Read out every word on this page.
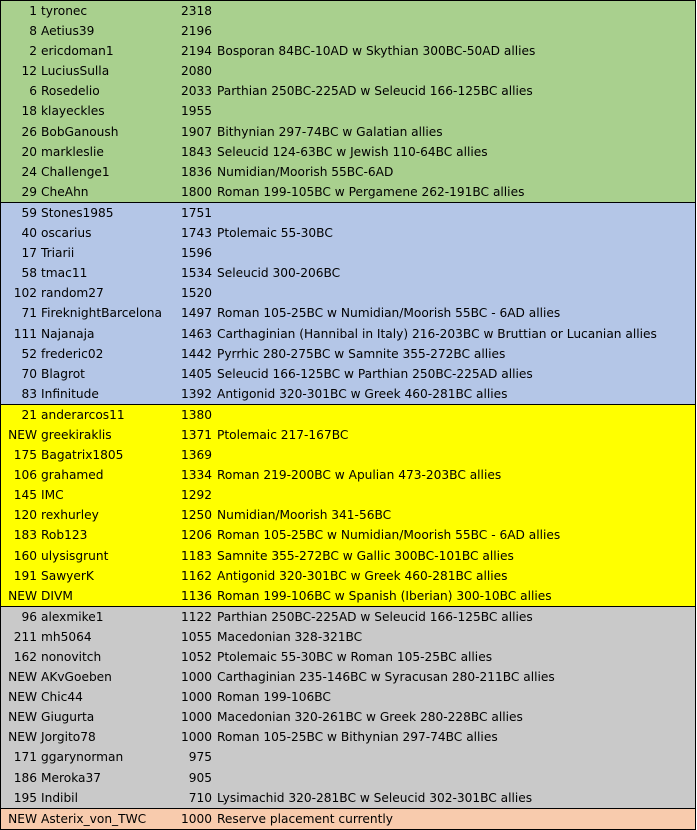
1 tyronec	2318
8 Aetius39	2196
2 ericdoman1	2194 Bosporan 84BC-10AD w Skythian 300BC-50AD allies
12 LuciusSulla	2080
6 Rosedelio	2033 Parthian 250BC-225AD w Seleucid 166-125BC allies
18 klayeckles	1955
26 BobGanoush	1907 Bithynian 297-74BC w Galatian allies
20 markleslie	1843 Seleucid 124-63BC w Jewish 110-64BC allies
24 Challenge1	1836 Numidian/Moorish 55BC-6AD
29 CheAhn	1800 Roman 199-105BC w Pergamene 262-191BC allies
59 Stones1985	1751
40 oscarius	1743 Ptolemaic 55-30BC
17 Triarii	1596
58 tmac11	1534 Seleucid 300-206BC
102 random27	1520
71 FireknightBarcelona	1497 Roman 105-25BC w Numidian/Moorish 55BC - 6AD allies
111 Najanaja	1463 Carthaginian (Hannibal in Italy) 216-203BC w Bruttian or Lucanian allies
52 frederic02	1442 Pyrrhic 280-275BC w Samnite 355-272BC allies
70 Blagrot	1405 Seleucid 166-125BC w Parthian 250BC-225AD allies
83 Infinitude	1392 Antigonid 320-301BC w Greek 460-281BC allies
21 anderarcos11	1380
NEW greekiraklis	1371 Ptolemaic 217-167BC
175 Bagatrix1805	1369
106 grahamed	1334 Roman 219-200BC w Apulian 473-203BC allies
145 IMC	1292
120 rexhurley	1250 Numidian/Moorish 341-56BC
183 Rob123	1206 Roman 105-25BC w Numidian/Moorish 55BC - 6AD allies
160 ulysisgrunt	1183 Samnite 355-272BC w Gallic 300BC-101BC allies
191 SawyerK	1162 Antigonid 320-301BC w Greek 460-281BC allies
NEW DIVM	1136 Roman 199-106BC w Spanish (Iberian) 300-10BC allies
96 alexmike1	1122 Parthian 250BC-225AD w Seleucid 166-125BC allies
211 mh5064	1055 Macedonian 328-321BC
162 nonovitch	1052 Ptolemaic 55-30BC w Roman 105-25BC allies
NEW AKvGoeben	1000 Carthaginian 235-146BC w Syracusan 280-211BC allies
NEW Chic44	1000 Roman 199-106BC
NEW Giugurta	1000 Macedonian 320-261BC w Greek 280-228BC allies
NEW Jorgito78	1000 Roman 105-25BC w Bithynian 297-74BC allies
171 ggarynorman	975
186 Meroka37	905
195 Indibil	710 Lysimachid 320-281BC w Seleucid 302-301BC allies
NEW Asterix_von_TWC	1000 Reserve placement currently
